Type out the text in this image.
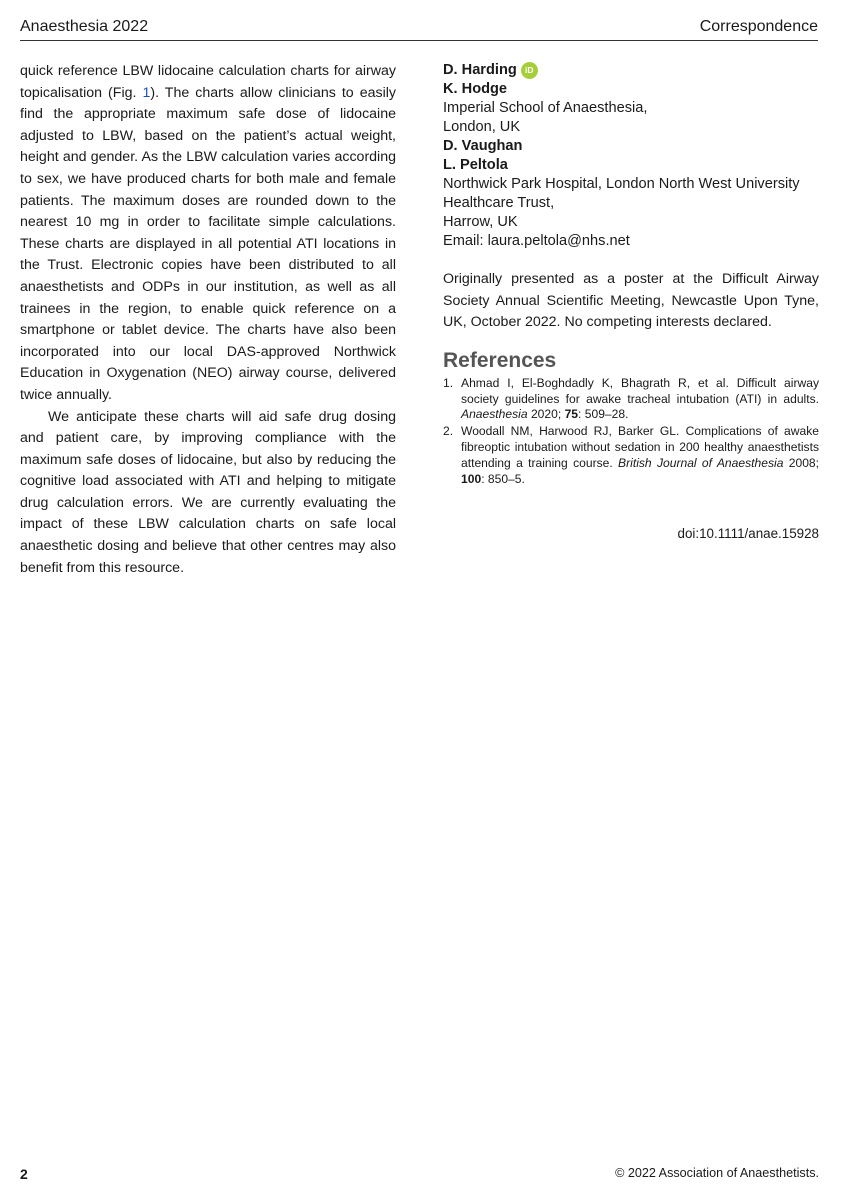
Anaesthesia 2022	Correspondence

quick reference LBW lidocaine calculation charts for airway topicalisation (Fig. 1). The charts allow clinicians to easily find the appropriate maximum safe dose of lidocaine adjusted to LBW, based on the patient’s actual weight, height and gender. As the LBW calculation varies according to sex, we have produced charts for both male and female patients. The maximum doses are rounded down to the nearest 10 mg in order to facilitate simple calculations. These charts are displayed in all potential ATI locations in the Trust. Electronic copies have been distributed to all anaesthetists and ODPs in our institution, as well as all trainees in the region, to enable quick reference on a smartphone or tablet device. The charts have also been incorporated into our local DAS-approved Northwick Education in Oxygenation (NEO) airway course, delivered twice annually.

We anticipate these charts will aid safe drug dosing and patient care, by improving compliance with the maximum safe doses of lidocaine, but also by reducing the cognitive load associated with ATI and helping to mitigate drug calculation errors. We are currently evaluating the impact of these LBW calculation charts on safe local anaesthetic dosing and believe that other centres may also benefit from this resource.

D. Harding iD
K. Hodge
Imperial School of Anaesthesia,
London, UK
D. Vaughan
L. Peltola
Northwick Park Hospital, London North West University
Healthcare Trust,
Harrow, UK
Email: laura.peltola@nhs.net
Originally presented as a poster at the Difficult Airway Society Annual Scientific Meeting, Newcastle Upon Tyne, UK, October 2022. No competing interests declared.
References
1. Ahmad I, El-Boghdadly K, Bhagrath R, et al. Difficult airway society guidelines for awake tracheal intubation (ATI) in adults. Anaesthesia 2020; 75: 509–28.
2. Woodall NM, Harwood RJ, Barker GL. Complications of awake fibreoptic intubation without sedation in 200 healthy anaesthetists attending a training course. British Journal of Anaesthesia 2008; 100: 850–5.
doi:10.1111/anae.15928
2	© 2022 Association of Anaesthetists.
